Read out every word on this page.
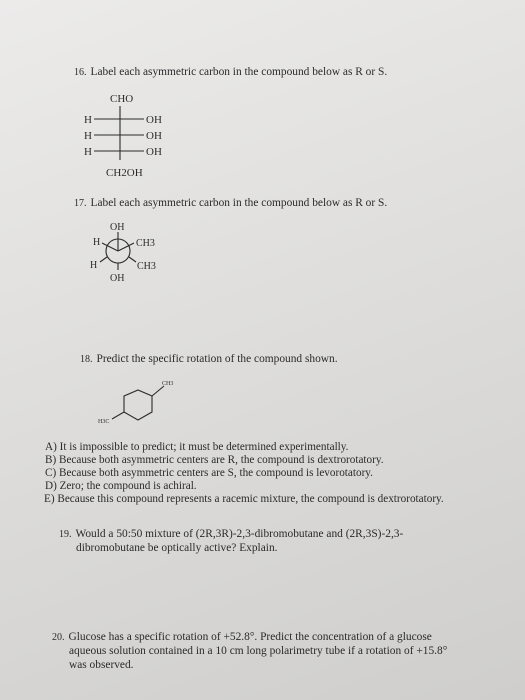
16. Label each asymmetric carbon in the compound below as R or S.
CHO
H	OH
H	OH
H	OH
CH2OH
17. Label each asymmetric carbon in the compound below as R or S.
OH
H	CH3
H	CH3
OH
18. Predict the specific rotation of the compound shown.
CH3
H3C
A) It is impossible to predict; it must be determined experimentally.
B) Because both asymmetric centers are R, the compound is dextrorotatory.
C) Because both asymmetric centers are S, the compound is levorotatory.
D) Zero; the compound is achiral.
E) Because this compound represents a racemic mixture, the compound is dextrorotatory.
19. Would a 50:50 mixture of (2R,3R)-2,3-dibromobutane and (2R,3S)-2,3-
dibromobutane be optically active? Explain.
20. Glucose has a specific rotation of +52.8°. Predict the concentration of a glucose
aqueous solution contained in a 10 cm long polarimetry tube if a rotation of +15.8°
was observed.
